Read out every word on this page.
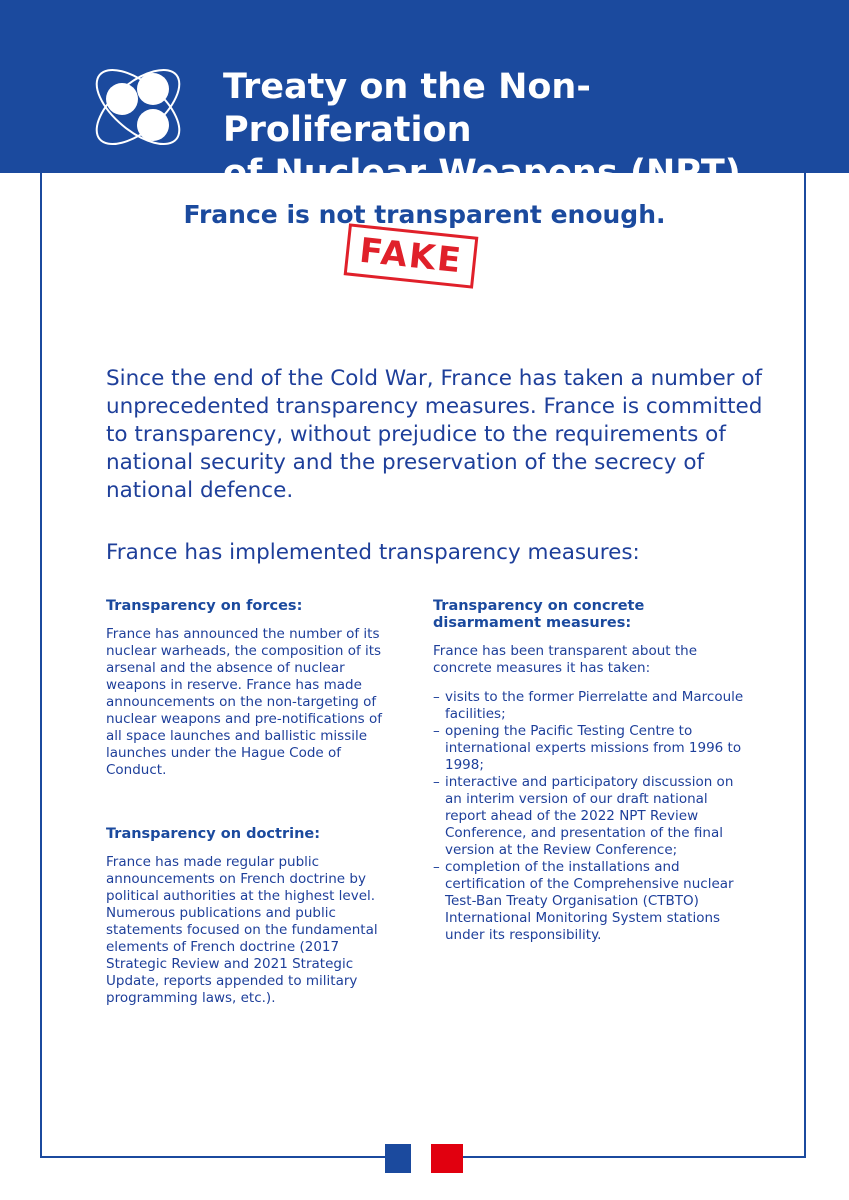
Treaty on the Non-Proliferation
of Nuclear Weapons (NPT)
France is not transparent enough.
FAKE
Since the end of the Cold War, France has taken a number of unprecedented transparency measures. France is committed to transparency, without prejudice to the requirements of national security and the preservation of the secrecy of national defence.
France has implemented transparency measures:
Transparency on forces:

France has announced the number of its nuclear warheads, the composition of its arsenal and the absence of nuclear weapons in reserve. France has made announcements on the non-targeting of nuclear weapons and pre-notifications of all space launches and ballistic missile launches under the Hague Code of Conduct.

Transparency on doctrine:

France has made regular public announcements on French doctrine by political authorities at the highest level. Numerous publications and public statements focused on the fundamental elements of French doctrine (2017 Strategic Review and 2021 Strategic Update, reports appended to military programming laws, etc.).

Transparency on concrete disarmament measures:

France has been transparent about the concrete measures it has taken:

– visits to the former Pierrelatte and Marcoule facilities;
– opening the Pacific Testing Centre to international experts missions from 1996 to 1998;
– interactive and participatory discussion on an interim version of our draft national report ahead of the 2022 NPT Review Conference, and presentation of the final version at the Review Conference;
– completion of the installations and certification of the Comprehensive nuclear Test-Ban Treaty Organisation (CTBTO) International Monitoring System stations under its responsibility.
